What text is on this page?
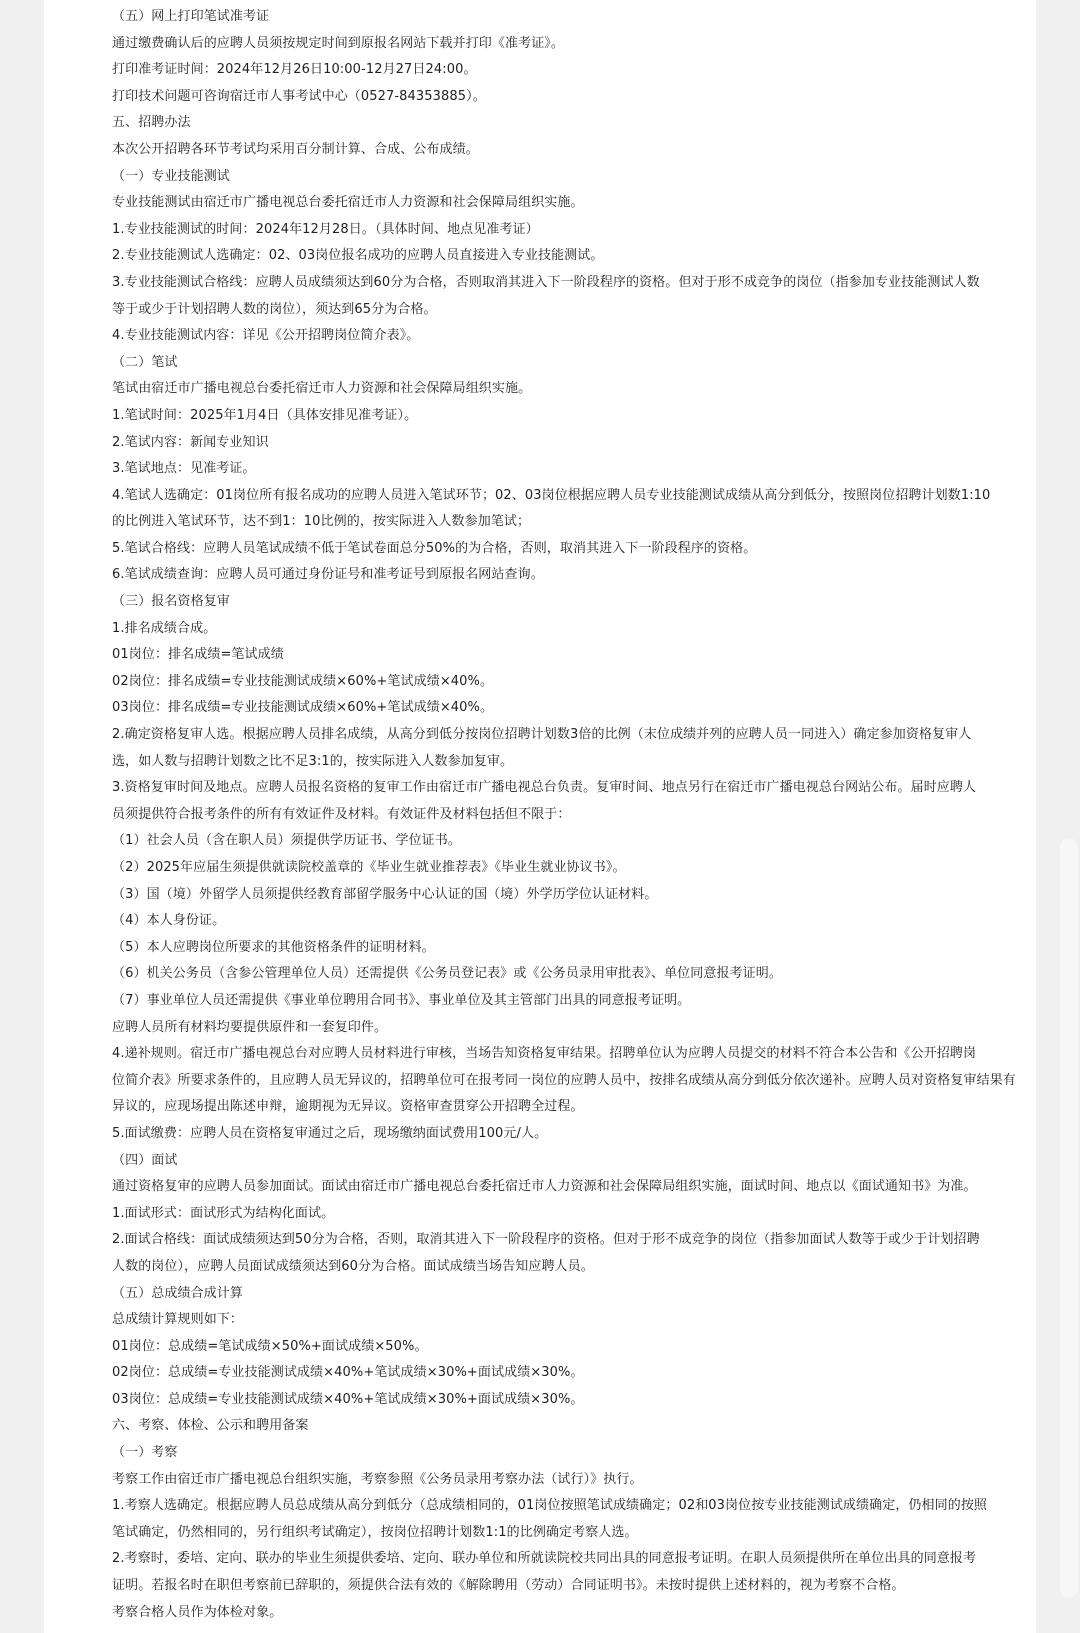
（五）网上打印笔试准考证
通过缴费确认后的应聘人员须按规定时间到原报名网站下载并打印《准考证》。
打印准考证时间：2024年12月26日10:00-12月27日24:00。
打印技术问题可咨询宿迁市人事考试中心（0527-84353885）。
五、招聘办法
本次公开招聘各环节考试均采用百分制计算、合成、公布成绩。
（一）专业技能测试
专业技能测试由宿迁市广播电视总台委托宿迁市人力资源和社会保障局组织实施。
1.专业技能测试的时间：2024年12月28日。（具体时间、地点见准考证）
2.专业技能测试人选确定：02、03岗位报名成功的应聘人员直接进入专业技能测试。
3.专业技能测试合格线：应聘人员成绩须达到60分为合格，否则取消其进入下一阶段程序的资格。但对于形不成竞争的岗位（指参加专业技能测试人数
等于或少于计划招聘人数的岗位），须达到65分为合格。
4.专业技能测试内容：详见《公开招聘岗位简介表》。
（二）笔试
笔试由宿迁市广播电视总台委托宿迁市人力资源和社会保障局组织实施。
1.笔试时间：2025年1月4日（具体安排见准考证）。
2.笔试内容：新闻专业知识
3.笔试地点：见准考证。
4.笔试人选确定：01岗位所有报名成功的应聘人员进入笔试环节；02、03岗位根据应聘人员专业技能测试成绩从高分到低分，按照岗位招聘计划数1:10
的比例进入笔试环节，达不到1：10比例的，按实际进入人数参加笔试；
5.笔试合格线：应聘人员笔试成绩不低于笔试卷面总分50%的为合格，否则，取消其进入下一阶段程序的资格。
6.笔试成绩查询：应聘人员可通过身份证号和准考证号到原报名网站查询。
（三）报名资格复审
1.排名成绩合成。
01岗位：排名成绩=笔试成绩
02岗位：排名成绩=专业技能测试成绩×60%+笔试成绩×40%。
03岗位：排名成绩=专业技能测试成绩×60%+笔试成绩×40%。
2.确定资格复审人选。根据应聘人员排名成绩，从高分到低分按岗位招聘计划数3倍的比例（末位成绩并列的应聘人员一同进入）确定参加资格复审人
选，如人数与招聘计划数之比不足3:1的，按实际进入人数参加复审。
3.资格复审时间及地点。应聘人员报名资格的复审工作由宿迁市广播电视总台负责。复审时间、地点另行在宿迁市广播电视总台网站公布。届时应聘人
员须提供符合报考条件的所有有效证件及材料。有效证件及材料包括但不限于：
（1）社会人员（含在职人员）须提供学历证书、学位证书。
（2）2025年应届生须提供就读院校盖章的《毕业生就业推荐表》《毕业生就业协议书》。
（3）国（境）外留学人员须提供经教育部留学服务中心认证的国（境）外学历学位认证材料。
（4）本人身份证。
（5）本人应聘岗位所要求的其他资格条件的证明材料。
（6）机关公务员（含参公管理单位人员）还需提供《公务员登记表》或《公务员录用审批表》、单位同意报考证明。
（7）事业单位人员还需提供《事业单位聘用合同书》、事业单位及其主管部门出具的同意报考证明。
应聘人员所有材料均要提供原件和一套复印件。
4.递补规则。宿迁市广播电视总台对应聘人员材料进行审核，当场告知资格复审结果。招聘单位认为应聘人员提交的材料不符合本公告和《公开招聘岗
位简介表》所要求条件的，且应聘人员无异议的，招聘单位可在报考同一岗位的应聘人员中，按排名成绩从高分到低分依次递补。应聘人员对资格复审结果有
异议的，应现场提出陈述申辩，逾期视为无异议。资格审查贯穿公开招聘全过程。
5.面试缴费：应聘人员在资格复审通过之后，现场缴纳面试费用100元/人。
（四）面试
通过资格复审的应聘人员参加面试。面试由宿迁市广播电视总台委托宿迁市人力资源和社会保障局组织实施，面试时间、地点以《面试通知书》为准。
1.面试形式：面试形式为结构化面试。
2.面试合格线：面试成绩须达到50分为合格，否则，取消其进入下一阶段程序的资格。但对于形不成竞争的岗位（指参加面试人数等于或少于计划招聘
人数的岗位），应聘人员面试成绩须达到60分为合格。面试成绩当场告知应聘人员。
（五）总成绩合成计算
总成绩计算规则如下：
01岗位：总成绩=笔试成绩×50%+面试成绩×50%。
02岗位：总成绩=专业技能测试成绩×40%+笔试成绩×30%+面试成绩×30%。
03岗位：总成绩=专业技能测试成绩×40%+笔试成绩×30%+面试成绩×30%。
六、考察、体检、公示和聘用备案
（一）考察
考察工作由宿迁市广播电视总台组织实施，考察参照《公务员录用考察办法（试行）》执行。
1.考察人选确定。根据应聘人员总成绩从高分到低分（总成绩相同的，01岗位按照笔试成绩确定；02和03岗位按专业技能测试成绩确定，仍相同的按照
笔试确定，仍然相同的，另行组织考试确定），按岗位招聘计划数1:1的比例确定考察人选。
2.考察时，委培、定向、联办的毕业生须提供委培、定向、联办单位和所就读院校共同出具的同意报考证明。在职人员须提供所在单位出具的同意报考
证明。若报名时在职但考察前已辞职的，须提供合法有效的《解除聘用（劳动）合同证明书》。未按时提供上述材料的，视为考察不合格。
考察合格人员作为体检对象。
